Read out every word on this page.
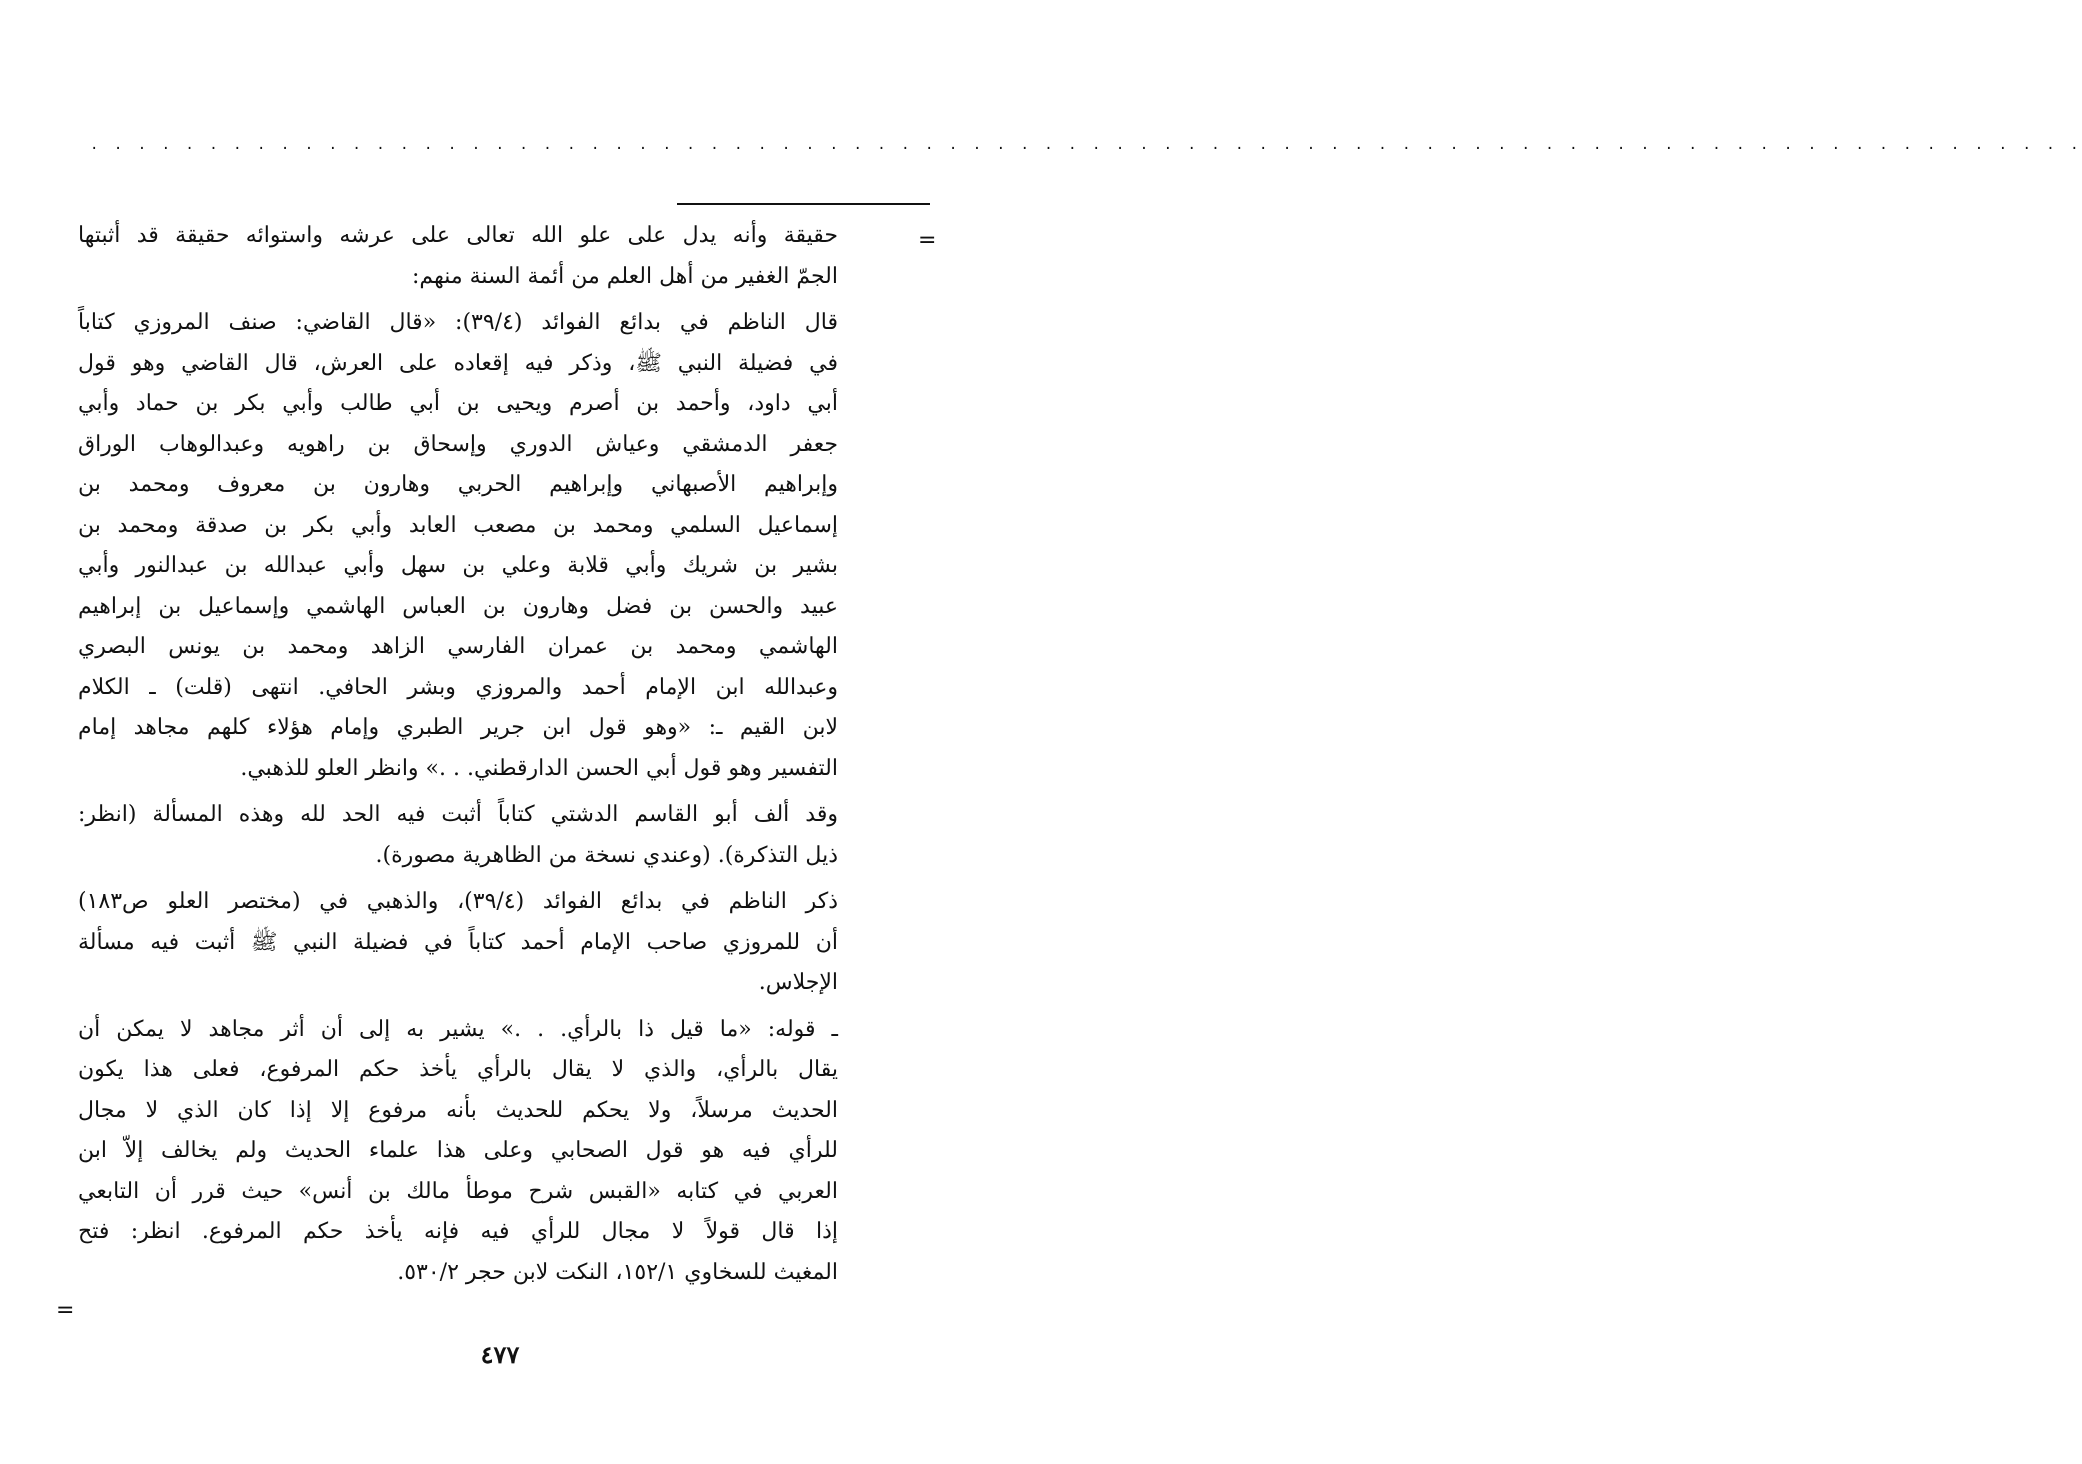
. . . . . . . . . . . . . . . . . . . . . . . . . . . . . . . . . . . . . . . . . . . . . . . . . . . . . . . . . . . . . . . . . . . . . . . . . . . . . . . . . . . .
=
حقيقة وأنه يدل على علو الله تعالى على عرشه واستوائه حقيقة قد أثبتها
الجمّ الغفير من أهل العلم من أئمة السنة منهم:
قال الناظم في بدائع الفوائد (٣٩/٤): «قال القاضي: صنف المروزي كتاباً
في فضيلة النبي ﷺ، وذكر فيه إقعاده على العرش، قال القاضي وهو قول
أبي داود، وأحمد بن أصرم ويحيى بن أبي طالب وأبي بكر بن حماد وأبي
جعفر الدمشقي وعياش الدوري وإسحاق بن راهويه وعبدالوهاب الوراق
وإبراهيم الأصبهاني وإبراهيم الحربي وهارون بن معروف ومحمد بن
إسماعيل السلمي ومحمد بن مصعب العابد وأبي بكر بن صدقة ومحمد بن
بشير بن شريك وأبي قلابة وعلي بن سهل وأبي عبدالله بن عبدالنور وأبي
عبيد والحسن بن فضل وهارون بن العباس الهاشمي وإسماعيل بن إبراهيم
الهاشمي ومحمد بن عمران الفارسي الزاهد ومحمد بن يونس البصري
وعبدالله ابن الإمام أحمد والمروزي وبشر الحافي. انتهى (قلت) ـ الكلام
لابن القيم ـ: «وهو قول ابن جرير الطبري وإمام هؤلاء كلهم مجاهد إمام
التفسير وهو قول أبي الحسن الدارقطني. . .» وانظر العلو للذهبي.
وقد ألف أبو القاسم الدشتي كتاباً أثبت فيه الحد لله وهذه المسألة (انظر:
ذيل التذكرة). (وعندي نسخة من الظاهرية مصورة).
ذكر الناظم في بدائع الفوائد (٣٩/٤)، والذهبي في (مختصر العلو ص١٨٣)
أن للمروزي صاحب الإمام أحمد كتاباً في فضيلة النبي ﷺ أثبت فيه مسألة
الإجلاس.
ـ قوله: «ما قيل ذا بالرأي. . .» يشير به إلى أن أثر مجاهد لا يمكن أن
يقال بالرأي، والذي لا يقال بالرأي يأخذ حكم المرفوع، فعلى هذا يكون
الحديث مرسلاً، ولا يحكم للحديث بأنه مرفوع إلا إذا كان الذي لا مجال
للرأي فيه هو قول الصحابي وعلى هذا علماء الحديث ولم يخالف إلاّ ابن
العربي في كتابه «القبس شرح موطأ مالك بن أنس» حيث قرر أن التابعي
إذا قال قولاً لا مجال للرأي فيه فإنه يأخذ حكم المرفوع. انظر: فتح
المغيث للسخاوي ١٥٢/١، النكت لابن حجر ٥٣٠/٢.
=
٤٧٧
